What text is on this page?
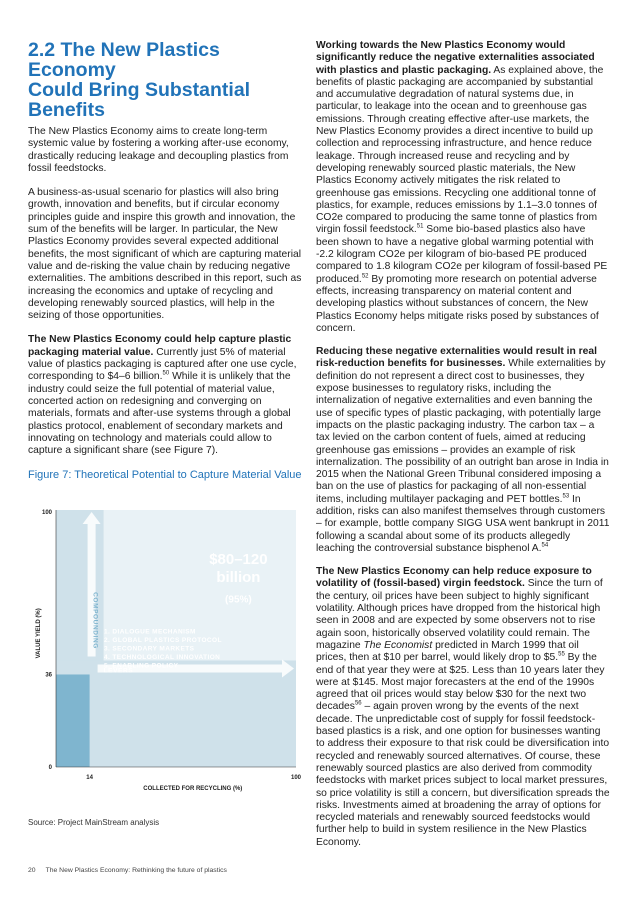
2.2 The New Plastics Economy
Could Bring Substantial
Benefits

The New Plastics Economy aims to create long-term systemic value by fostering a working after-use economy, drastically reducing leakage and decoupling plastics from fossil feedstocks.

A business-as-usual scenario for plastics will also bring growth, innovation and benefits, but if circular economy principles guide and inspire this growth and innovation, the sum of the benefits will be larger. In particular, the New Plastics Economy provides several expected additional benefits, the most significant of which are capturing material value and de-risking the value chain by reducing negative externalities. The ambitions described in this report, such as increasing the economics and uptake of recycling and developing renewably sourced plastics, will help in the seizing of those opportunities.

The New Plastics Economy could help capture plastic packaging material value. Currently just 5% of material value of plastics packaging is captured after one use cycle, corresponding to $4–6 billion.$^{50}$ While it is unlikely that the industry could seize the full potential of material value, concerted action on redesigning and converging on materials, formats and after-use systems through a global plastics protocol, enablement of secondary markets and innovating on technology and materials could allow to capture a significant share (see Figure 7).

Figure 7: Theoretical Potential to Capture Material Value

VALUE YIELD (%)
COLLECTED FOR RECYCLING (%)
0
36
100
14	100
$80–120
billion
(95%)
COMPOUNDING
LEVERS
1. DIALOGUE MECHANISM
2. GLOBAL PLASTICS PROTOCOL
3. SECONDARY MARKETS
4. TECHNOLOGICAL INNOVATION
5. ENABLING POLICY

Source: Project MainStream analysis

Working towards the New Plastics Economy would significantly reduce the negative externalities associated with plastics and plastic packaging. As explained above, the benefits of plastic packaging are accompanied by substantial and accumulative degradation of natural systems due, in particular, to leakage into the ocean and to greenhouse gas emissions. Through creating effective after-use markets, the New Plastics Economy provides a direct incentive to build up collection and reprocessing infrastructure, and hence reduce leakage. Through increased reuse and recycling and by developing renewably sourced plastic materials, the New Plastics Economy actively mitigates the risk related to greenhouse gas emissions. Recycling one additional tonne of plastics, for example, reduces emissions by 1.1–3.0 tonnes of CO2e compared to producing the same tonne of plastics from virgin fossil feedstock.$^{51}$ Some bio-based plastics also have been shown to have a negative global warming potential with -2.2 kilogram CO2e per kilogram of bio-based PE produced compared to 1.8 kilogram CO2e per kilogram of fossil-based PE produced.$^{52}$ By promoting more research on potential adverse effects, increasing transparency on material content and developing plastics without substances of concern, the New Plastics Economy helps mitigate risks posed by substances of concern.

Reducing these negative externalities would result in real risk-reduction benefits for businesses. While externalities by definition do not represent a direct cost to businesses, they expose businesses to regulatory risks, including the internalization of negative externalities and even banning the use of specific types of plastic packaging, with potentially large impacts on the plastic packaging industry. The carbon tax – a tax levied on the carbon content of fuels, aimed at reducing greenhouse gas emissions – provides an example of risk internalization. The possibility of an outright ban arose in India in 2015 when the National Green Tribunal considered imposing a ban on the use of plastics for packaging of all non-essential items, including multilayer packaging and PET bottles.$^{53}$ In addition, risks can also manifest themselves through customers – for example, bottle company SIGG USA went bankrupt in 2011 following a scandal about some of its products allegedly leaching the controversial substance bisphenol A.$^{54}$

The New Plastics Economy can help reduce exposure to volatility of (fossil-based) virgin feedstock. Since the turn of the century, oil prices have been subject to highly significant volatility. Although prices have dropped from the historical high seen in 2008 and are expected by some observers not to rise again soon, historically observed volatility could remain. The magazine The Economist predicted in March 1999 that oil prices, then at $10 per barrel, would likely drop to $5.55 By the end of that year they were at $25. Less than 10 years later they were at $145. Most major forecasters at the end of the 1990s agreed that oil prices would stay below $30 for the next two decades$^{56}$ – again proven wrong by the events of the next decade. The unpredictable cost of supply for fossil feedstock-based plastics is a risk, and one option for businesses wanting to address their exposure to that risk could be diversification into recycled and renewably sourced alternatives. Of course, these renewably sourced plastics are also derived from commodity feedstocks with market prices subject to local market pressures, so price volatility is still a concern, but diversification spreads the risks. Investments aimed at broadening the array of options for recycled materials and renewably sourced feedstocks would further help to build in system resilience in the New Plastics Economy.

20 The New Plastics Economy: Rethinking the future of plastics
